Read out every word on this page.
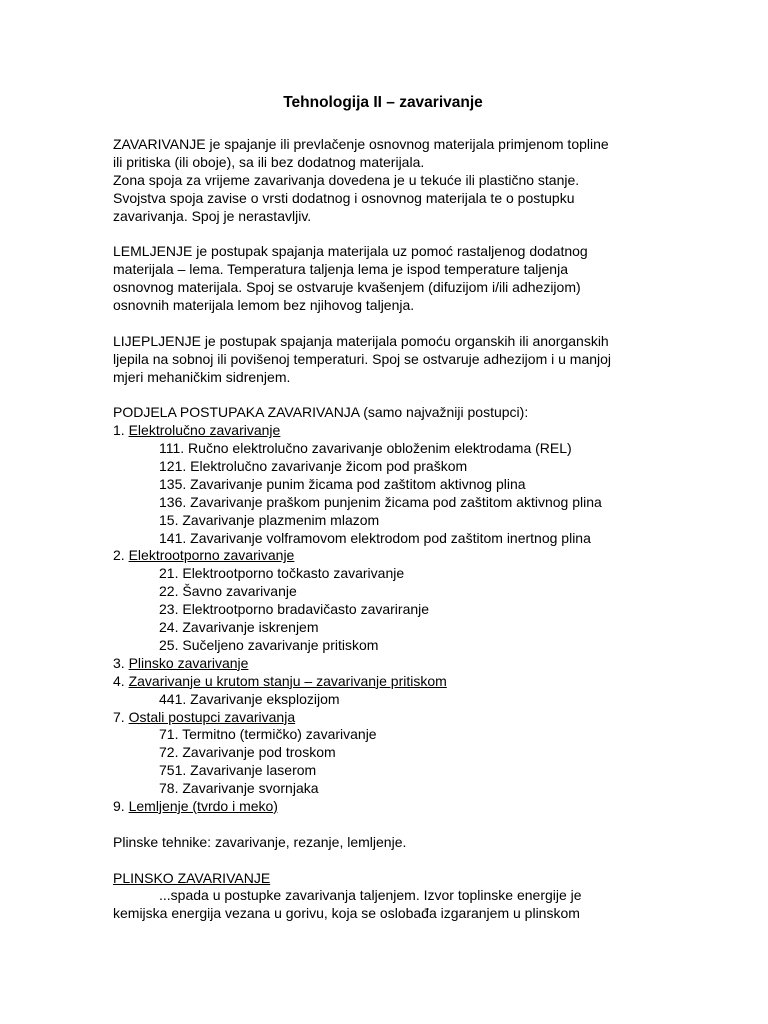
Tehnologija II – zavarivanje
ZAVARIVANJE je spajanje ili prevlačenje osnovnog materijala primjenom topline
ili pritiska (ili oboje), sa ili bez dodatnog materijala.
Zona spoja za vrijeme zavarivanja dovedena je u tekuće ili plastično stanje.
Svojstva spoja zavise o vrsti dodatnog i osnovnog materijala te o postupku
zavarivanja. Spoj je nerastavljiv.
LEMLJENJE je postupak spajanja materijala uz pomoć rastaljenog dodatnog
materijala – lema. Temperatura taljenja lema je ispod temperature taljenja
osnovnog materijala. Spoj se ostvaruje kvašenjem (difuzijom i/ili adhezijom)
osnovnih materijala lemom bez njihovog taljenja.
LIJEPLJENJE je postupak spajanja materijala pomoću organskih ili anorganskih
ljepila na sobnoj ili povišenoj temperaturi. Spoj se ostvaruje adhezijom i u manjoj
mjeri mehaničkim sidrenjem.
PODJELA POSTUPAKA ZAVARIVANJA (samo najvažniji postupci):
1. Elektrolučno zavarivanje
111. Ručno elektrolučno zavarivanje obloženim elektrodama (REL)
121. Elektrolučno zavarivanje žicom pod praškom
135. Zavarivanje punim žicama pod zaštitom aktivnog plina
136. Zavarivanje praškom punjenim žicama pod zaštitom aktivnog plina
15. Zavarivanje plazmenim mlazom
141. Zavarivanje volframovom elektrodom pod zaštitom inertnog plina
2. Elektrootporno zavarivanje
21. Elektrootporno točkasto zavarivanje
22. Šavno zavarivanje
23. Elektrootporno bradavičasto zavariranje
24. Zavarivanje iskrenjem
25. Sučeljeno zavarivanje pritiskom
3. Plinsko zavarivanje
4. Zavarivanje u krutom stanju – zavarivanje pritiskom
441. Zavarivanje eksplozijom
7. Ostali postupci zavarivanja
71. Termitno (termičko) zavarivanje
72. Zavarivanje pod troskom
751. Zavarivanje laserom
78. Zavarivanje svornjaka
9. Lemljenje (tvrdo i meko)
Plinske tehnike: zavarivanje, rezanje, lemljenje.
PLINSKO ZAVARIVANJE
...spada u postupke zavarivanja taljenjem. Izvor toplinske energije je
kemijska energija vezana u gorivu, koja se oslobađa izgaranjem u plinskom
